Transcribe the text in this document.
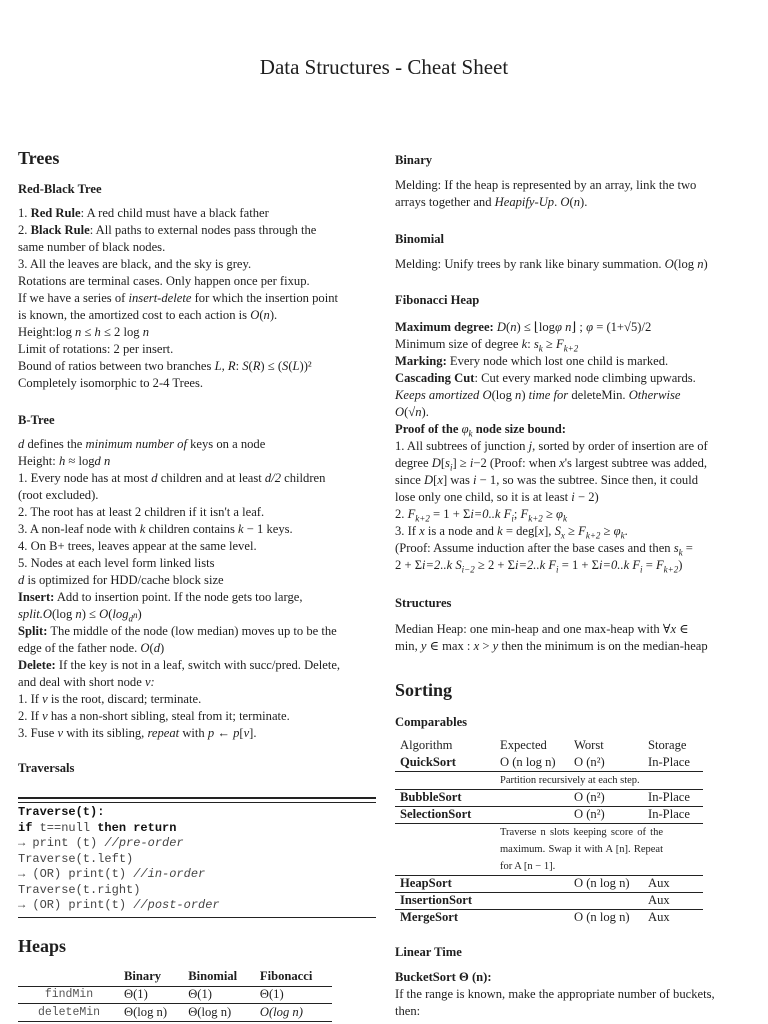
Data Structures - Cheat Sheet
Trees
Red-Black Tree
1. Red Rule: A red child must have a black father
2. Black Rule: All paths to external nodes pass through the
same number of black nodes.
3. All the leaves are black, and the sky is grey.
Rotations are terminal cases. Only happen once per fixup.
If we have a series of insert-delete for which the insertion point
is known, the amortized cost to each action is O(n).
Height:log n ≤ h ≤ 2 log n
Limit of rotations: 2 per insert.
Bound of ratios between two branches L, R: S(R) ≤ (S(L))²
Completely isomorphic to 2-4 Trees.
B-Tree
d defines the minimum number of keys on a node
Height: h ≈ logd n
1. Every node has at most d children and at least d/2 children
(root excluded).
2. The root has at least 2 children if it isn't a leaf.
3. A non-leaf node with k children contains k − 1 keys.
4. On B+ trees, leaves appear at the same level.
5. Nodes at each level form linked lists
d is optimized for HDD/cache block size
Insert: Add to insertion point. If the node gets too large,
split.O(log $n) \le O(\log_dn)$
Split: The middle of the node (low median) moves up to be the
edge of the father node. O(d)
Delete: If the key is not in a leaf, switch with succ/pred. Delete,
and deal with short node v:
1. If v is the root, discard; terminate.
2. If v has a non-short sibling, steal from it; terminate.
3. Fuse v with its sibling, repeat with p ← p[v].
Traversals
Traverse(t):
if t==null then return
→ print (t) //pre-order
Traverse(t.left)
→ (OR) print(t) //in-order
Traverse(t.right)
→ (OR) print(t) //post-order
Heaps
	Binary	Binomial	Fibonacci
findMin	Θ(1)	Θ(1)	Θ(1)
deleteMin	Θ(log n)	Θ(log n)	O(log n)
Binary
Melding: If the heap is represented by an array, link the two
arrays together and Heapify-Up. O(n).
Binomial
Melding: Unify trees by rank like binary summation. O(log n)
Fibonacci Heap
Maximum degree: D(n) ≤ ⌊logφ n⌋ ; φ = (1+√5)/2
Minimum size of degree k: $s_k \ge F_{k+2}$
Marking: Every node which lost one child is marked.
Cascading Cut: Cut every marked node climbing upwards.
Keeps amortized O(log n) time for deleteMin. Otherwise
O(√n).
Proof of the $\varphi_k$ node size bound:
1. All subtrees of junction j, sorted by order of insertion are of
degree $D[s_i] \ge i-2$ (Proof: when x's largest subtree was added,
since D[x] was i − 1, so was the subtree. Since then, it could
lose only one child, so it is at least i − 2)
2. $F_{k+2} = 1 + \Sigma i=0..k$ $F_i$; $F_{k+2} \ge \varphi_k$
3. If x is a node and k = deg[x], $S_x \ge F_{k+2} \ge \varphi_k$.
(Proof: Assume induction after the base cases and then $s_k$ =
2 + Σi=2..k $S_{i-2} \ge 2 + \Sigma i=2..k$ $F_i = 1 + \Sigma i=0..k$ $F_i = F_{k+2}$)
Structures
Median Heap: one min-heap and one max-heap with ∀x ∈
min, y ∈ max : x > y then the minimum is on the median-heap
Sorting
Comparables
Algorithm	Expected	Worst	Storage
QuickSort	O (n log n)	O (n²)	In-Place
	Partition recursively at each step.		
BubbleSort		O (n²)	In-Place
SelectionSort		O (n²)	In-Place
	Traverse n slots keeping score of the maximum. Swap it with A [n]. Repeat for A [n − 1].		
HeapSort		O (n log n)	Aux
InsertionSort			Aux
MergeSort		O (n log n)	Aux
Linear Time
BucketSort Θ (n):
If the range is known, make the appropriate number of buckets,
then:
